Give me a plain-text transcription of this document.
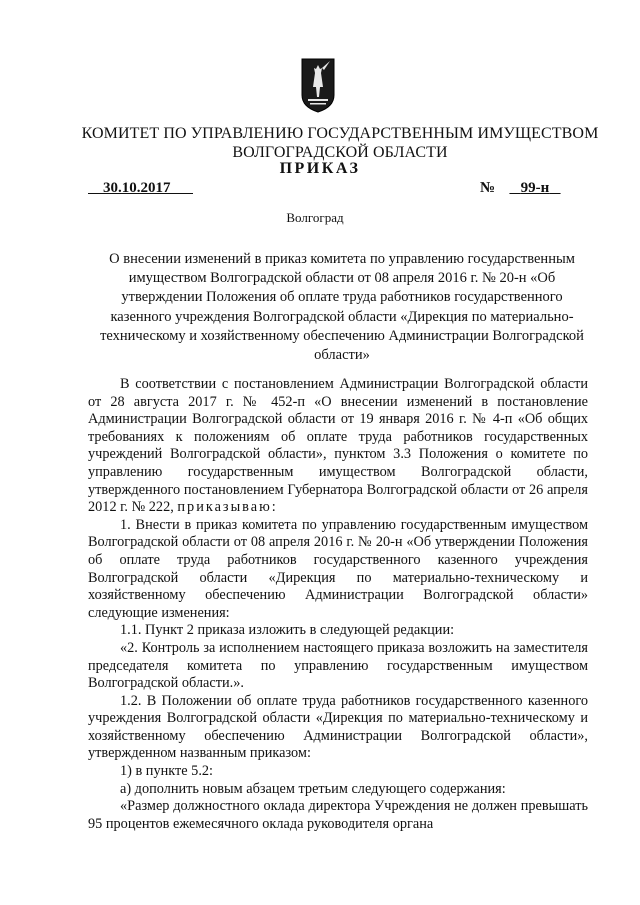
КОМИТЕТ ПО УПРАВЛЕНИЮ ГОСУДАРСТВЕННЫМ ИМУЩЕСТВОМ
ВОЛГОГРАДСКОЙ ОБЛАСТИ
ПРИКАЗ
30.10.2017	№	99-н
Волгоград
О внесении изменений в приказ комитета по управлению государственным имуществом Волгоградской области от 08 апреля 2016 г. № 20-н «Об утверждении Положения об оплате труда работников государственного казенного учреждения Волгоградской области «Дирекция по материально-техническому и хозяйственному обеспечению Администрации Волгоградской области»

В соответствии с постановлением Администрации Волгоградской области от 28 августа 2017 г. № 452-п «О внесении изменений в постановление Администрации Волгоградской области от 19 января 2016 г. № 4-п «Об общих требованиях к положениям об оплате труда работников государственных учреждений Волгоградской области», пунктом 3.3 Положения о комитете по управлению государственным имуществом Волгоградской области, утвержденного постановлением Губернатора Волгоградской области от 26 апреля 2012 г. № 222, приказываю:

1. Внести в приказ комитета по управлению государственным имуществом Волгоградской области от 08 апреля 2016 г. № 20-н «Об утверждении Положения об оплате труда работников государственного казенного учреждения Волгоградской области «Дирекция по материально-техническому и хозяйственному обеспечению Администрации Волгоградской области» следующие изменения:

1.1. Пункт 2 приказа изложить в следующей редакции:

«2. Контроль за исполнением настоящего приказа возложить на заместителя председателя комитета по управлению государственным имуществом Волгоградской области.».

1.2. В Положении об оплате труда работников государственного казенного учреждения Волгоградской области «Дирекция по материально-техническому и хозяйственному обеспечению Администрации Волгоградской области», утвержденном названным приказом:

1) в пункте 5.2:

а) дополнить новым абзацем третьим следующего содержания:

«Размер должностного оклада директора Учреждения не должен превышать 95 процентов ежемесячного оклада руководителя органа
